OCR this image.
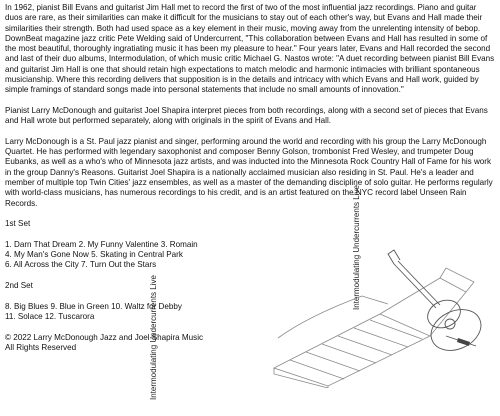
In 1962, pianist Bill Evans and guitarist Jim Hall met to record the first of two of the most influential jazz recordings. Piano and guitar duos are rare, as their similarities can make it difficult for the musicians to stay out of each other's way, but Evans and Hall made their similarities their strength. Both had used space as a key element in their music, moving away from the unrelenting intensity of bebop. DownBeat magazine jazz critic Pete Welding said of Undercurrent, "This collaboration between Evans and Hall has resulted in some of the most beautiful, thoroughly ingratiating music it has been my pleasure to hear." Four years later, Evans and Hall recorded the second and last of their duo albums, Intermodulation, of which music critic Michael G. Nastos wrote: "A duet recording between pianist Bill Evans and guitarist Jim Hall is one that should retain high expectations to match melodic and harmonic intimacies with brilliant spontaneous musicianship. Where this recording delivers that supposition is in the details and intricacy with which Evans and Hall work, guided by simple framings of standard songs made into personal statements that include no small amounts of innovation."

Pianist Larry McDonough and guitarist Joel Shapira interpret pieces from both recordings, along with a second set of pieces that Evans and Hall wrote but performed separately, along with originals in the spirit of Evans and Hall.

Larry McDonough is a St. Paul jazz pianist and singer, performing around the world and recording with his group the Larry McDonough Quartet. He has performed with legendary saxophonist and composer Benny Golson, trombonist Fred Wesley, and trumpeter Doug Eubanks, as well as a who's who of Minnesota jazz artists, and was inducted into the Minnesota Rock Country Hall of Fame for his work in the group Danny's Reasons. Guitarist Joel Shapira is a nationally acclaimed musician also residing in St. Paul. He's a leader and member of multiple top Twin Cities' jazz ensembles, as well as a master of the demanding discipline of solo guitar. He performs regularly with world-class musicians, has numerous recordings to his credit, and is an artist featured on the NYC record label Unseen Rain Records.

1st Set

1. Darn That Dream 2. My Funny Valentine 3. Romain

4. My Man's Gone Now 5. Skating in Central Park

6. All Across the City 7. Turn Out the Stars

2nd Set

8. Big Blues 9. Blue in Green 10. Waltz for Debby

11. Solace 12. Tuscarora

© 2022 Larry McDonough Jazz and Joel Shapira Music

All Rights Reserved	Intermodulating Undercurrents Live
Intermodulating Undercurrents Live
